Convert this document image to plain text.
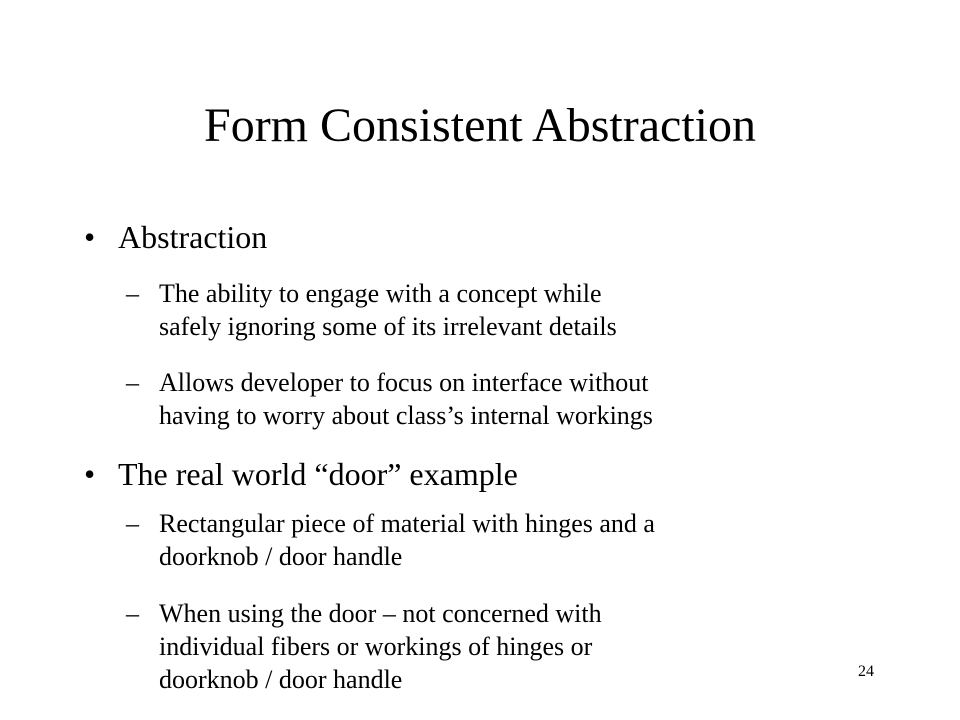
Form Consistent Abstraction
• Abstraction
– The ability to engage with a concept while
safely ignoring some of its irrelevant details
– Allows developer to focus on interface without
having to worry about class’s internal workings
• The real world “door” example
– Rectangular piece of material with hinges and a
doorknob / door handle
– When using the door – not concerned with
individual fibers or workings of hinges or
doorknob / door handle	24
